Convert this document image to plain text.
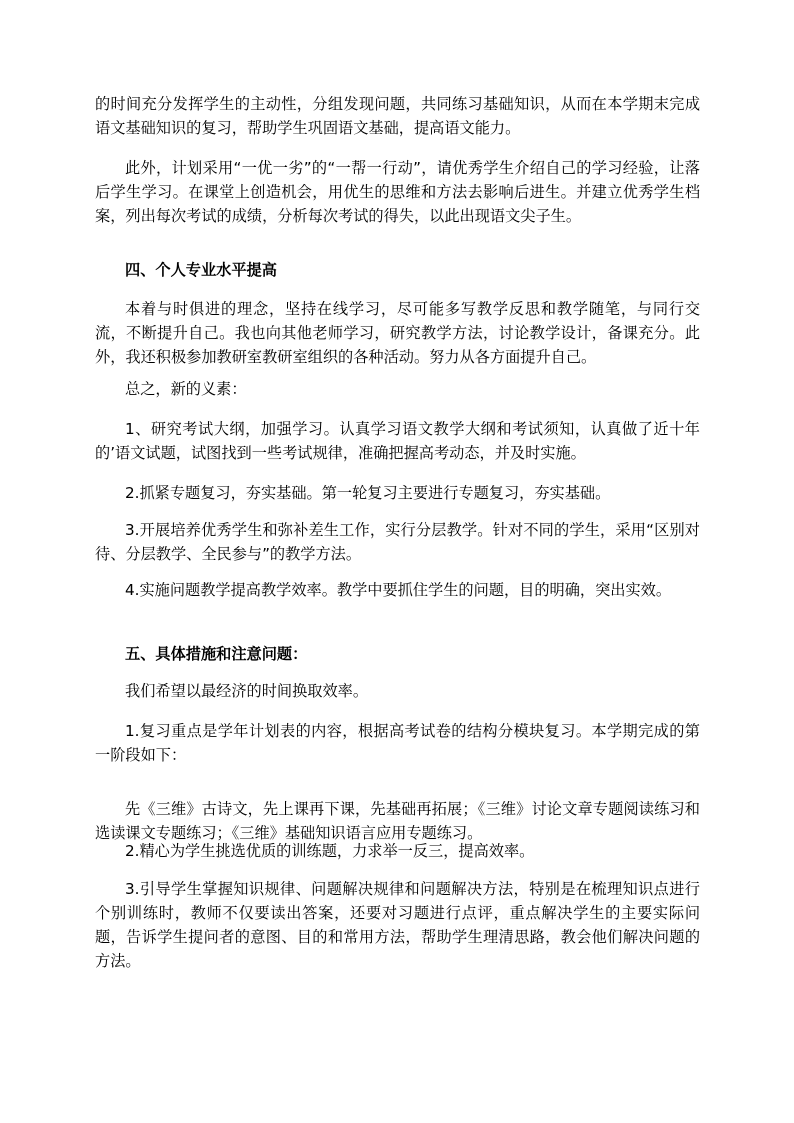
的时间充分发挥学生的主动性，分组发现问题，共同练习基础知识，从而在本学期末完成语文基础知识的复习，帮助学生巩固语文基础，提高语文能力。

此外，计划采用“一优一劣”的“一帮一行动”，请优秀学生介绍自己的学习经验，让落后学生学习。在课堂上创造机会，用优生的思维和方法去影响后进生。并建立优秀学生档案，列出每次考试的成绩，分析每次考试的得失，以此出现语文尖子生。

四、个人专业水平提高

本着与时俱进的理念，坚持在线学习，尽可能多写教学反思和教学随笔，与同行交流，不断提升自己。我也向其他老师学习，研究教学方法，讨论教学设计，备课充分。此外，我还积极参加教研室教研室组织的各种活动。努力从各方面提升自己。

总之，新的义素：

1、研究考试大纲，加强学习。认真学习语文教学大纲和考试须知，认真做了近十年的’语文试题，试图找到一些考试规律，准确把握高考动态，并及时实施。

2.抓紧专题复习，夯实基础。第一轮复习主要进行专题复习，夯实基础。

3.开展培养优秀学生和弥补差生工作，实行分层教学。针对不同的学生，采用“区别对待、分层教学、全民参与”的教学方法。

4.实施问题教学提高教学效率。教学中要抓住学生的问题，目的明确，突出实效。

五、具体措施和注意问题：

我们希望以最经济的时间换取效率。

1.复习重点是学年计划表的内容，根据高考试卷的结构分模块复习。本学期完成的第一阶段如下：

先《三维》古诗文，先上课再下课，先基础再拓展；《三维》讨论文章专题阅读练习和选读课文专题练习；《三维》基础知识语言应用专题练习。

2.精心为学生挑选优质的训练题，力求举一反三，提高效率。

3.引导学生掌握知识规律、问题解决规律和问题解决方法，特别是在梳理知识点进行个别训练时，教师不仅要读出答案，还要对习题进行点评，重点解决学生的主要实际问题，告诉学生提问者的意图、目的和常用方法，帮助学生理清思路，教会他们解决问题的方法。
